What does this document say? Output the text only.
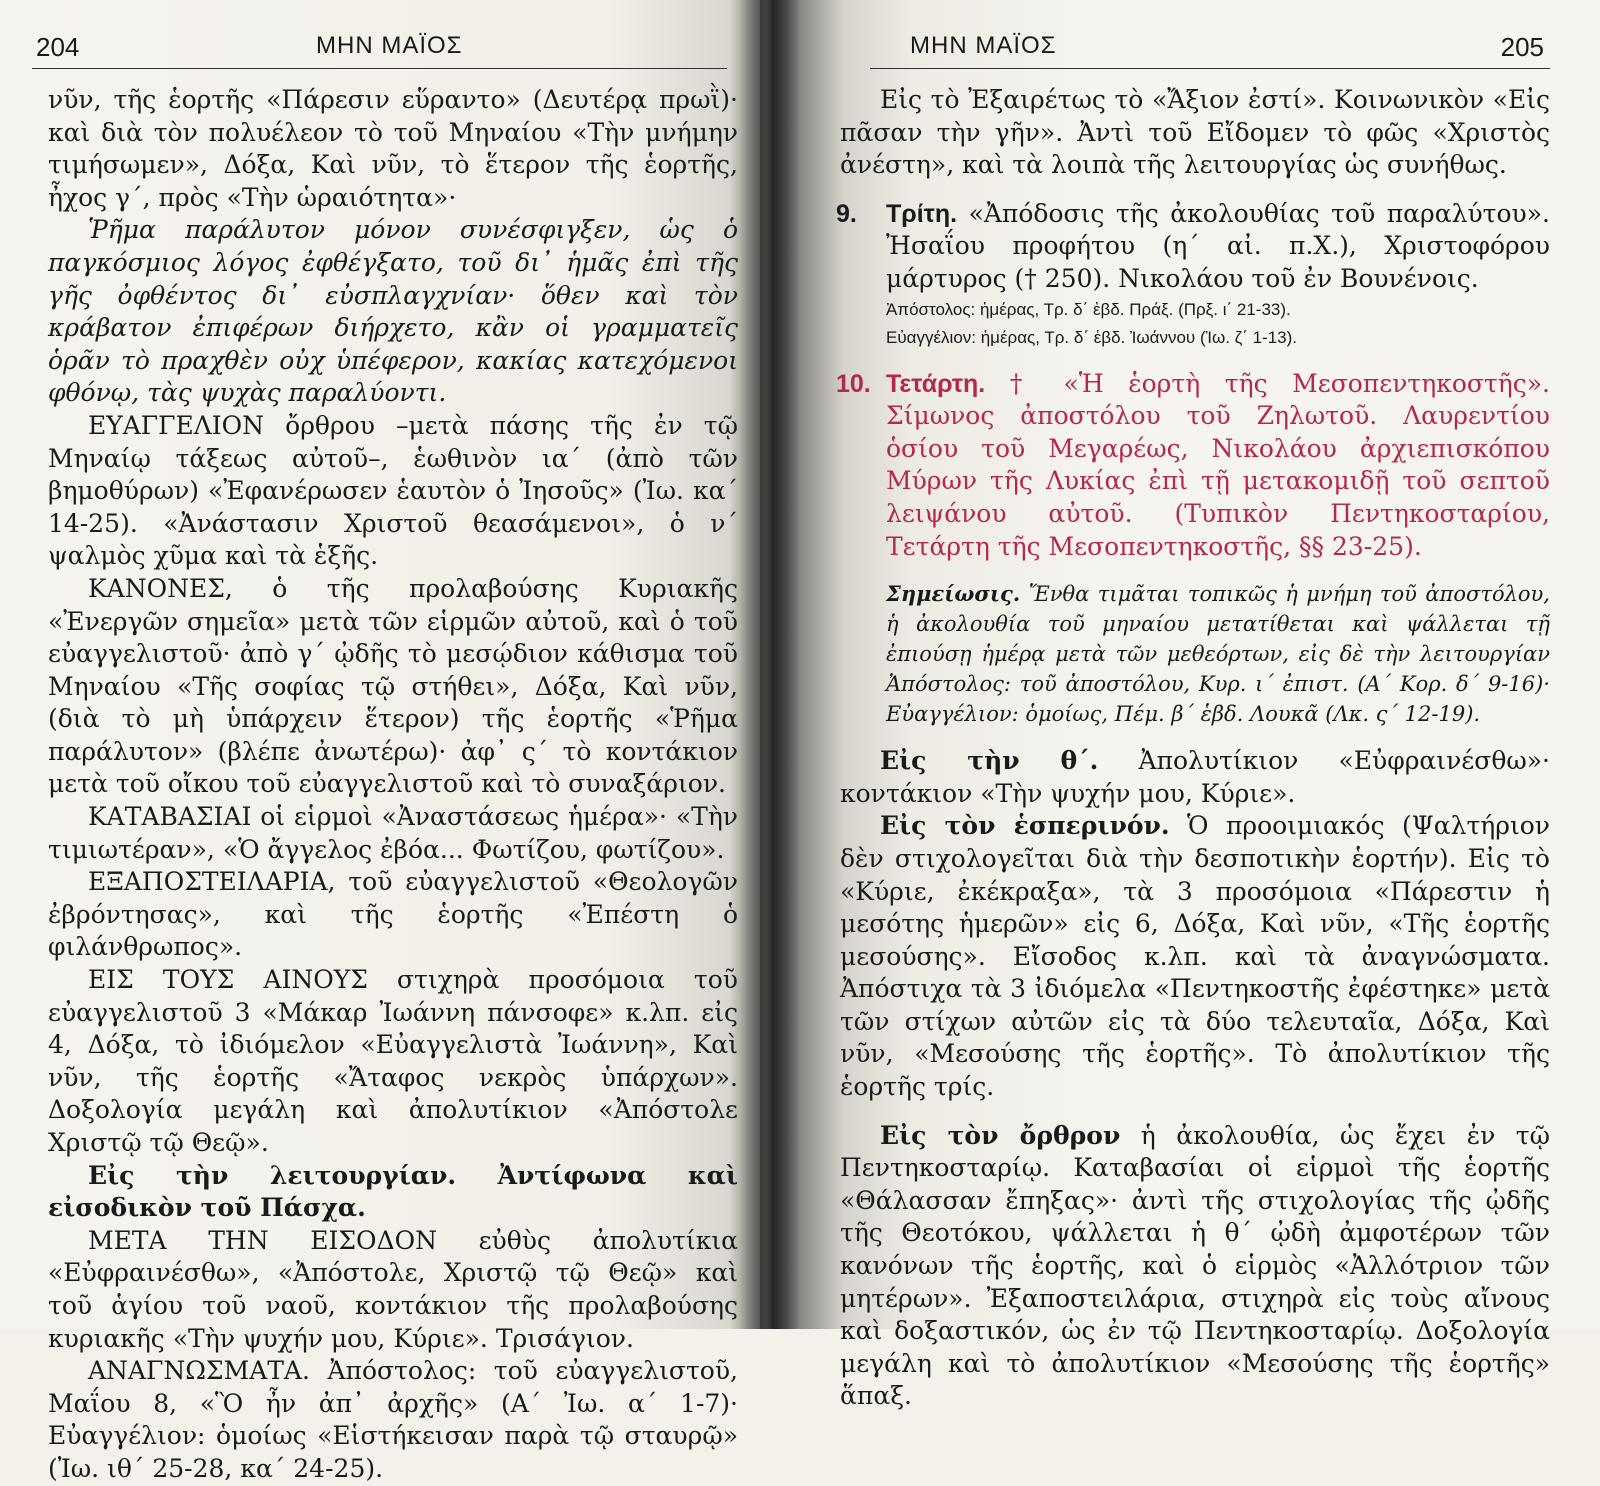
204	ΜΗΝ ΜΑΪΟΣ

νῦν, τῆς ἑορτῆς «Πάρεσιν εὕραντο» (Δευτέρᾳ πρωῒ)· καὶ διὰ τὸν πολυέλεον τὸ τοῦ Μηναίου «Τὴν μνήμην τιμήσωμεν», Δόξα, Καὶ νῦν, τὸ ἕτερον τῆς ἑορτῆς, ἦχος γ΄, πρὸς «Τὴν ὡραιότητα»·

Ῥῆμα παράλυτον μόνον συνέσφιγξεν, ὡς ὁ παγκόσμιος λόγος ἐφθέγξατο, τοῦ δι᾽ ἡμᾶς ἐπὶ τῆς γῆς ὀφθέντος δι᾽ εὐσπλαγχνίαν· ὅθεν καὶ τὸν κράβατον ἐπιφέρων διήρχετο, κἂν οἱ γραμματεῖς ὁρᾶν τὸ πραχθὲν οὐχ ὑπέφερον, κακίας κατεχόμενοι φθόνῳ, τὰς ψυχὰς παραλύοντι.

ΕΥΑΓΓΕΛΙΟΝ ὄρθρου –μετὰ πάσης τῆς ἐν τῷ Μηναίῳ τάξεως αὐτοῦ–, ἑωθινὸν ια΄ (ἀπὸ τῶν βημοθύρων) «Ἐφανέρωσεν ἑαυτὸν ὁ Ἰησοῦς» (Ἰω. κα΄ 14-25). «Ἀνάστασιν Χριστοῦ θεασάμενοι», ὁ ν΄ ψαλμὸς χῦμα καὶ τὰ ἑξῆς.

ΚΑΝΟΝΕΣ, ὁ τῆς προλαβούσης Κυριακῆς «Ἐνεργῶν σημεῖα» μετὰ τῶν εἱρμῶν αὐτοῦ, καὶ ὁ τοῦ εὐαγγελιστοῦ· ἀπὸ γ΄ ᾠδῆς τὸ μεσῴδιον κάθισμα τοῦ Μηναίου «Τῆς σοφίας τῷ στήθει», Δόξα, Καὶ νῦν, (διὰ τὸ μὴ ὑπάρχειν ἕτερον) τῆς ἑορτῆς «Ῥῆμα παράλυτον» (βλέπε ἀνωτέρω)· ἀφ᾽ ς΄ τὸ κοντάκιον μετὰ τοῦ οἴκου τοῦ εὐαγγελιστοῦ καὶ τὸ συναξάριον.

ΚΑΤΑΒΑΣΙΑΙ οἱ εἱρμοὶ «Ἀναστάσεως ἡμέρα»· «Τὴν τιμιωτέραν», «Ὁ ἄγγελος ἐβόα... Φωτίζου, φωτίζου».

ΕΞΑΠΟΣΤΕΙΛΑΡΙΑ, τοῦ εὐαγγελιστοῦ «Θεολογῶν ἐβρόντησας», καὶ τῆς ἑορτῆς «Ἐπέστη ὁ φιλάνθρωπος».

ΕΙΣ ΤΟΥΣ ΑΙΝΟΥΣ στιχηρὰ προσόμοια τοῦ εὐαγγελιστοῦ 3 «Μάκαρ Ἰωάννη πάνσοφε» κ.λπ. εἰς 4, Δόξα, τὸ ἰδιόμελον «Εὐαγγελιστὰ Ἰωάννη», Καὶ νῦν, τῆς ἑορτῆς «Ἄταφος νεκρὸς ὑπάρχων». Δοξολογία μεγάλη καὶ ἀπολυτίκιον «Ἀπόστολε Χριστῷ τῷ Θεῷ».

Εἰς τὴν λειτουργίαν. Ἀντίφωνα καὶ εἰσοδικὸν τοῦ Πάσχα.

ΜΕΤΑ ΤΗΝ ΕΙΣΟΔΟΝ εὐθὺς ἀπολυτίκια «Εὐφραινέσθω», «Ἀπόστολε, Χριστῷ τῷ Θεῷ» καὶ τοῦ ἁγίου τοῦ ναοῦ, κοντάκιον τῆς προλαβούσης κυριακῆς «Τὴν ψυχήν μου, Κύριε». Τρισάγιον.

ΑΝΑΓΝΩΣΜΑΤΑ. Ἀπόστολος: τοῦ εὐαγγελιστοῦ, Μαΐου 8, «Ὃ ἦν ἀπ᾽ ἀρχῆς» (Α΄ Ἰω. α΄ 1-7)· Εὐαγγέλιον: ὁμοίως «Εἱστήκεισαν παρὰ τῷ σταυρῷ» (Ἰω. ιθ΄ 25-28, κα΄ 24-25).

ΜΗΝ ΜΑΪΟΣ	205

Εἰς τὸ Ἐξαιρέτως τὸ «Ἄξιον ἐστί». Κοινωνικὸν «Εἰς πᾶσαν τὴν γῆν». Ἀντὶ τοῦ Εἴδομεν τὸ φῶς «Χριστὸς ἀνέστη», καὶ τὰ λοιπὰ τῆς λειτουργίας ὡς συνήθως.

9. Τρίτη. «Ἀπόδοσις τῆς ἀκολουθίας τοῦ παραλύτου». Ἠσαΐου προφήτου (η΄ αἰ. π.Χ.), Χριστοφόρου μάρτυρος († 250). Νικολάου τοῦ ἐν Βουνένοις.

Ἀπόστολος: ἡμέρας, Τρ. δ΄ ἑβδ. Πράξ. (Πρξ. ι΄ 21-33).

Εὐαγγέλιον: ἡμέρας, Τρ. δ΄ ἑβδ. Ἰωάννου (Ἰω. ζ΄ 1-13).

10. Τετάρτη. † «Ἡ ἑορτὴ τῆς Μεσοπεντηκοστῆς». Σίμωνος ἀποστόλου τοῦ Ζηλωτοῦ. Λαυρεντίου ὁσίου τοῦ Μεγαρέως, Νικολάου ἀρχιεπισκόπου Μύρων τῆς Λυκίας ἐπὶ τῇ μετακομιδῇ τοῦ σεπτοῦ λειψάνου αὐτοῦ. (Τυπικὸν Πεντηκοσταρίου, Τετάρτη τῆς Μεσοπεντηκοστῆς, §§ 23-25).

Σημείωσις. Ἔνθα τιμᾶται τοπικῶς ἡ μνήμη τοῦ ἀποστόλου, ἡ ἀκολουθία τοῦ μηναίου μετατίθεται καὶ ψάλλεται τῇ ἐπιούσῃ ἡμέρᾳ μετὰ τῶν μεθεόρτων, εἰς δὲ τὴν λειτουργίαν Ἀπόστολος: τοῦ ἀποστόλου, Κυρ. ι΄ ἐπιστ. (Α΄ Κορ. δ΄ 9-16)· Εὐαγγέλιον: ὁμοίως, Πέμ. β΄ ἑβδ. Λουκᾶ (Λκ. ς΄ 12-19).

Εἰς τὴν θ΄. Ἀπολυτίκιον «Εὐφραινέσθω»· κοντάκιον «Τὴν ψυχήν μου, Κύριε».

Εἰς τὸν ἑσπερινόν. Ὁ προοιμιακός (Ψαλτήριον δὲν στιχολογεῖται διὰ τὴν δεσποτικὴν ἑορτήν). Εἰς τὸ «Κύριε, ἐκέκραξα», τὰ 3 προσόμοια «Πάρεστιν ἡ μεσότης ἡμερῶν» εἰς 6, Δόξα, Καὶ νῦν, «Τῆς ἑορτῆς μεσούσης». Εἴσοδος κ.λπ. καὶ τὰ ἀναγνώσματα. Ἀπόστιχα τὰ 3 ἰδιόμελα «Πεντηκοστῆς ἐφέστηκε» μετὰ τῶν στίχων αὐτῶν εἰς τὰ δύο τελευταῖα, Δόξα, Καὶ νῦν, «Μεσούσης τῆς ἑορτῆς». Τὸ ἀπολυτίκιον τῆς ἑορτῆς τρίς.

Εἰς τὸν ὄρθρον ἡ ἀκολουθία, ὡς ἔχει ἐν τῷ Πεντηκοσταρίῳ. Καταβασίαι οἱ εἱρμοὶ τῆς ἑορτῆς «Θάλασσαν ἔπηξας»· ἀντὶ τῆς στιχολογίας τῆς ᾠδῆς τῆς Θεοτόκου, ψάλλεται ἡ θ΄ ᾠδὴ ἀμφοτέρων τῶν κανόνων τῆς ἑορτῆς, καὶ ὁ εἱρμὸς «Ἀλλότριον τῶν μητέρων». Ἐξαποστειλάρια, στιχηρὰ εἰς τοὺς αἴνους καὶ δοξαστικόν, ὡς ἐν τῷ Πεντηκοσταρίῳ. Δοξολογία μεγάλη καὶ τὸ ἀπολυτίκιον «Μεσούσης τῆς ἑορτῆς» ἅπαξ.
